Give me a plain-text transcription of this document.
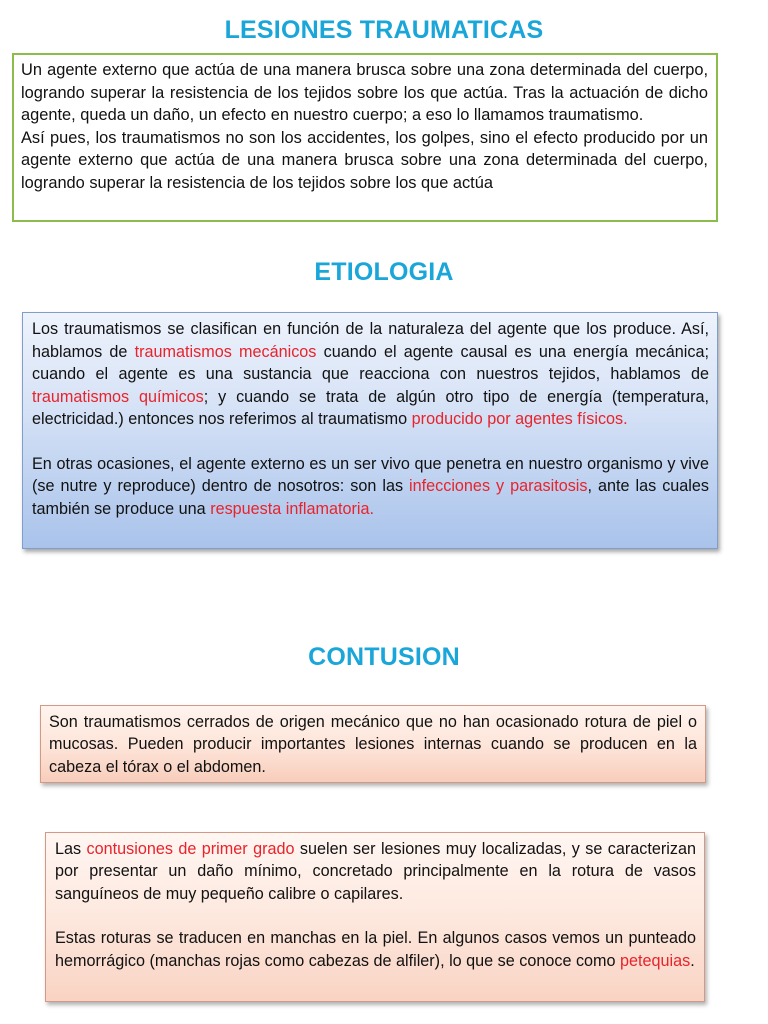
LESIONES TRAUMATICAS

Un agente externo que actúa de una manera brusca sobre una zona determinada del cuerpo, logrando superar la resistencia de los tejidos sobre los que actúa. Tras la actuación de dicho agente, queda un daño, un efecto en nuestro cuerpo; a eso lo llamamos traumatismo.

Así pues, los traumatismos no son los accidentes, los golpes, sino el efecto producido por un agente externo que actúa de una manera brusca sobre una zona determinada del cuerpo, logrando superar la resistencia de los tejidos sobre los que actúa

ETIOLOGIA

Los traumatismos se clasifican en función de la naturaleza del agente que los produce. Así, hablamos de traumatismos mecánicos cuando el agente causal es una energía mecánica; cuando el agente es una sustancia que reacciona con nuestros tejidos, hablamos de traumatismos químicos; y cuando se trata de algún otro tipo de energía (temperatura, electricidad.) entonces nos referimos al traumatismo producido por agentes físicos.

En otras ocasiones, el agente externo es un ser vivo que penetra en nuestro organismo y vive (se nutre y reproduce) dentro de nosotros: son las infecciones y parasitosis, ante las cuales también se produce una respuesta inflamatoria.

CONTUSION

Son traumatismos cerrados de origen mecánico que no han ocasionado rotura de piel o mucosas. Pueden producir importantes lesiones internas cuando se producen en la cabeza el tórax o el abdomen.

Las contusiones de primer grado suelen ser lesiones muy localizadas, y se caracterizan por presentar un daño mínimo, concretado principalmente en la rotura de vasos sanguíneos de muy pequeño calibre o capilares.

Estas roturas se traducen en manchas en la piel. En algunos casos vemos un punteado hemorrágico (manchas rojas como cabezas de alfiler), lo que se conoce como petequias.
